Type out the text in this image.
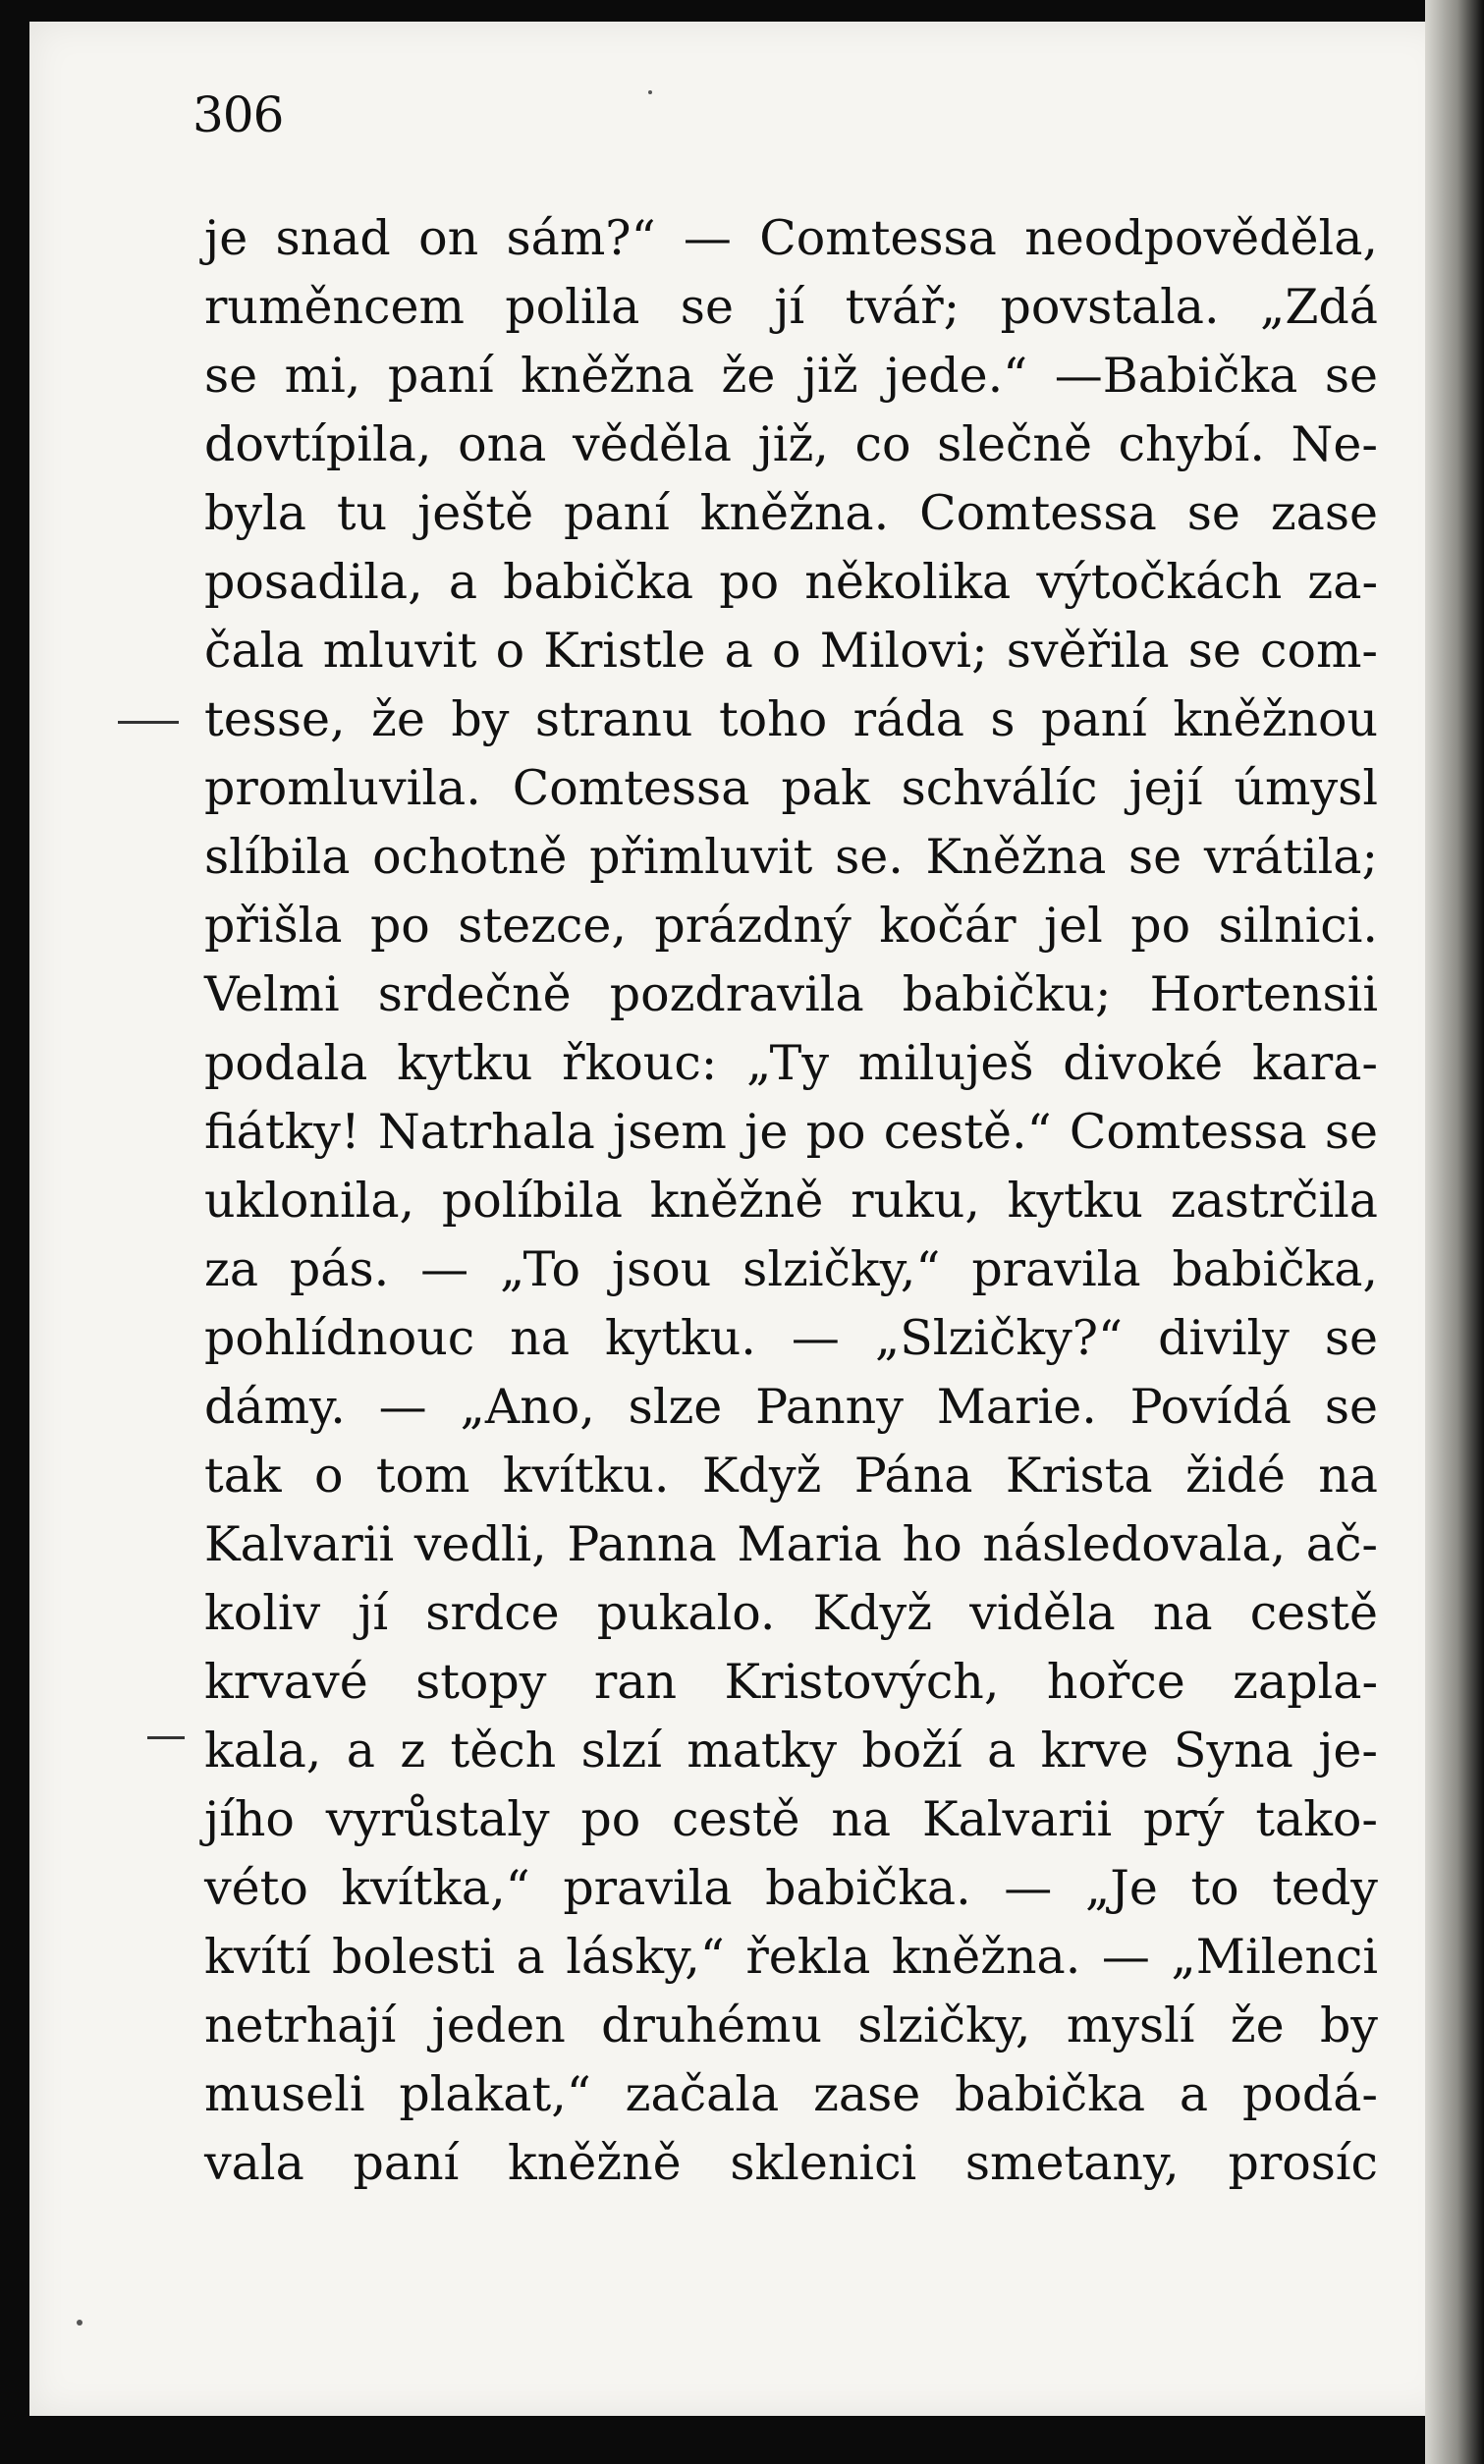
306
je snad on sám?“ — Comtessa neodpověděla,
ruměncem polila se jí tvář; povstala. „Zdá
se mi, paní kněžna že již jede.“ —Babička se
dovtípila, ona věděla již, co slečně chybí. Ne-
byla tu ještě paní kněžna. Comtessa se zase
posadila, a babička po několika výtočkách za-
čala mluvit o Kristle a o Milovi; svěřila se com-
tesse, že by stranu toho ráda s paní kněžnou
promluvila. Comtessa pak schválíc její úmysl
slíbila ochotně přimluvit se. Kněžna se vrátila;
přišla po stezce, prázdný kočár jel po silnici.
Velmi srdečně pozdravila babičku; Hortensii
podala kytku řkouc: „Ty miluješ divoké kara-
fiátky! Natrhala jsem je po cestě.“ Comtessa se
uklonila, políbila kněžně ruku, kytku zastrčila
za pás. — „To jsou slzičky,“ pravila babička,
pohlídnouc na kytku. — „Slzičky?“ divily se
dámy. — „Ano, slze Panny Marie. Povídá se
tak o tom kvítku. Když Pána Krista židé na
Kalvarii vedli, Panna Maria ho následovala, ač-
koliv jí srdce pukalo. Když viděla na cestě
krvavé stopy ran Kristových, hořce zapla-
kala, a z těch slzí matky boží a krve Syna je-
jího vyrůstaly po cestě na Kalvarii prý tako-
véto kvítka,“ pravila babička. — „Je to tedy
kvítí bolesti a lásky,“ řekla kněžna. — „Milenci
netrhají jeden druhému slzičky, myslí že by
museli plakat,“ začala zase babička a podá-
vala paní kněžně sklenici smetany, prosíc
